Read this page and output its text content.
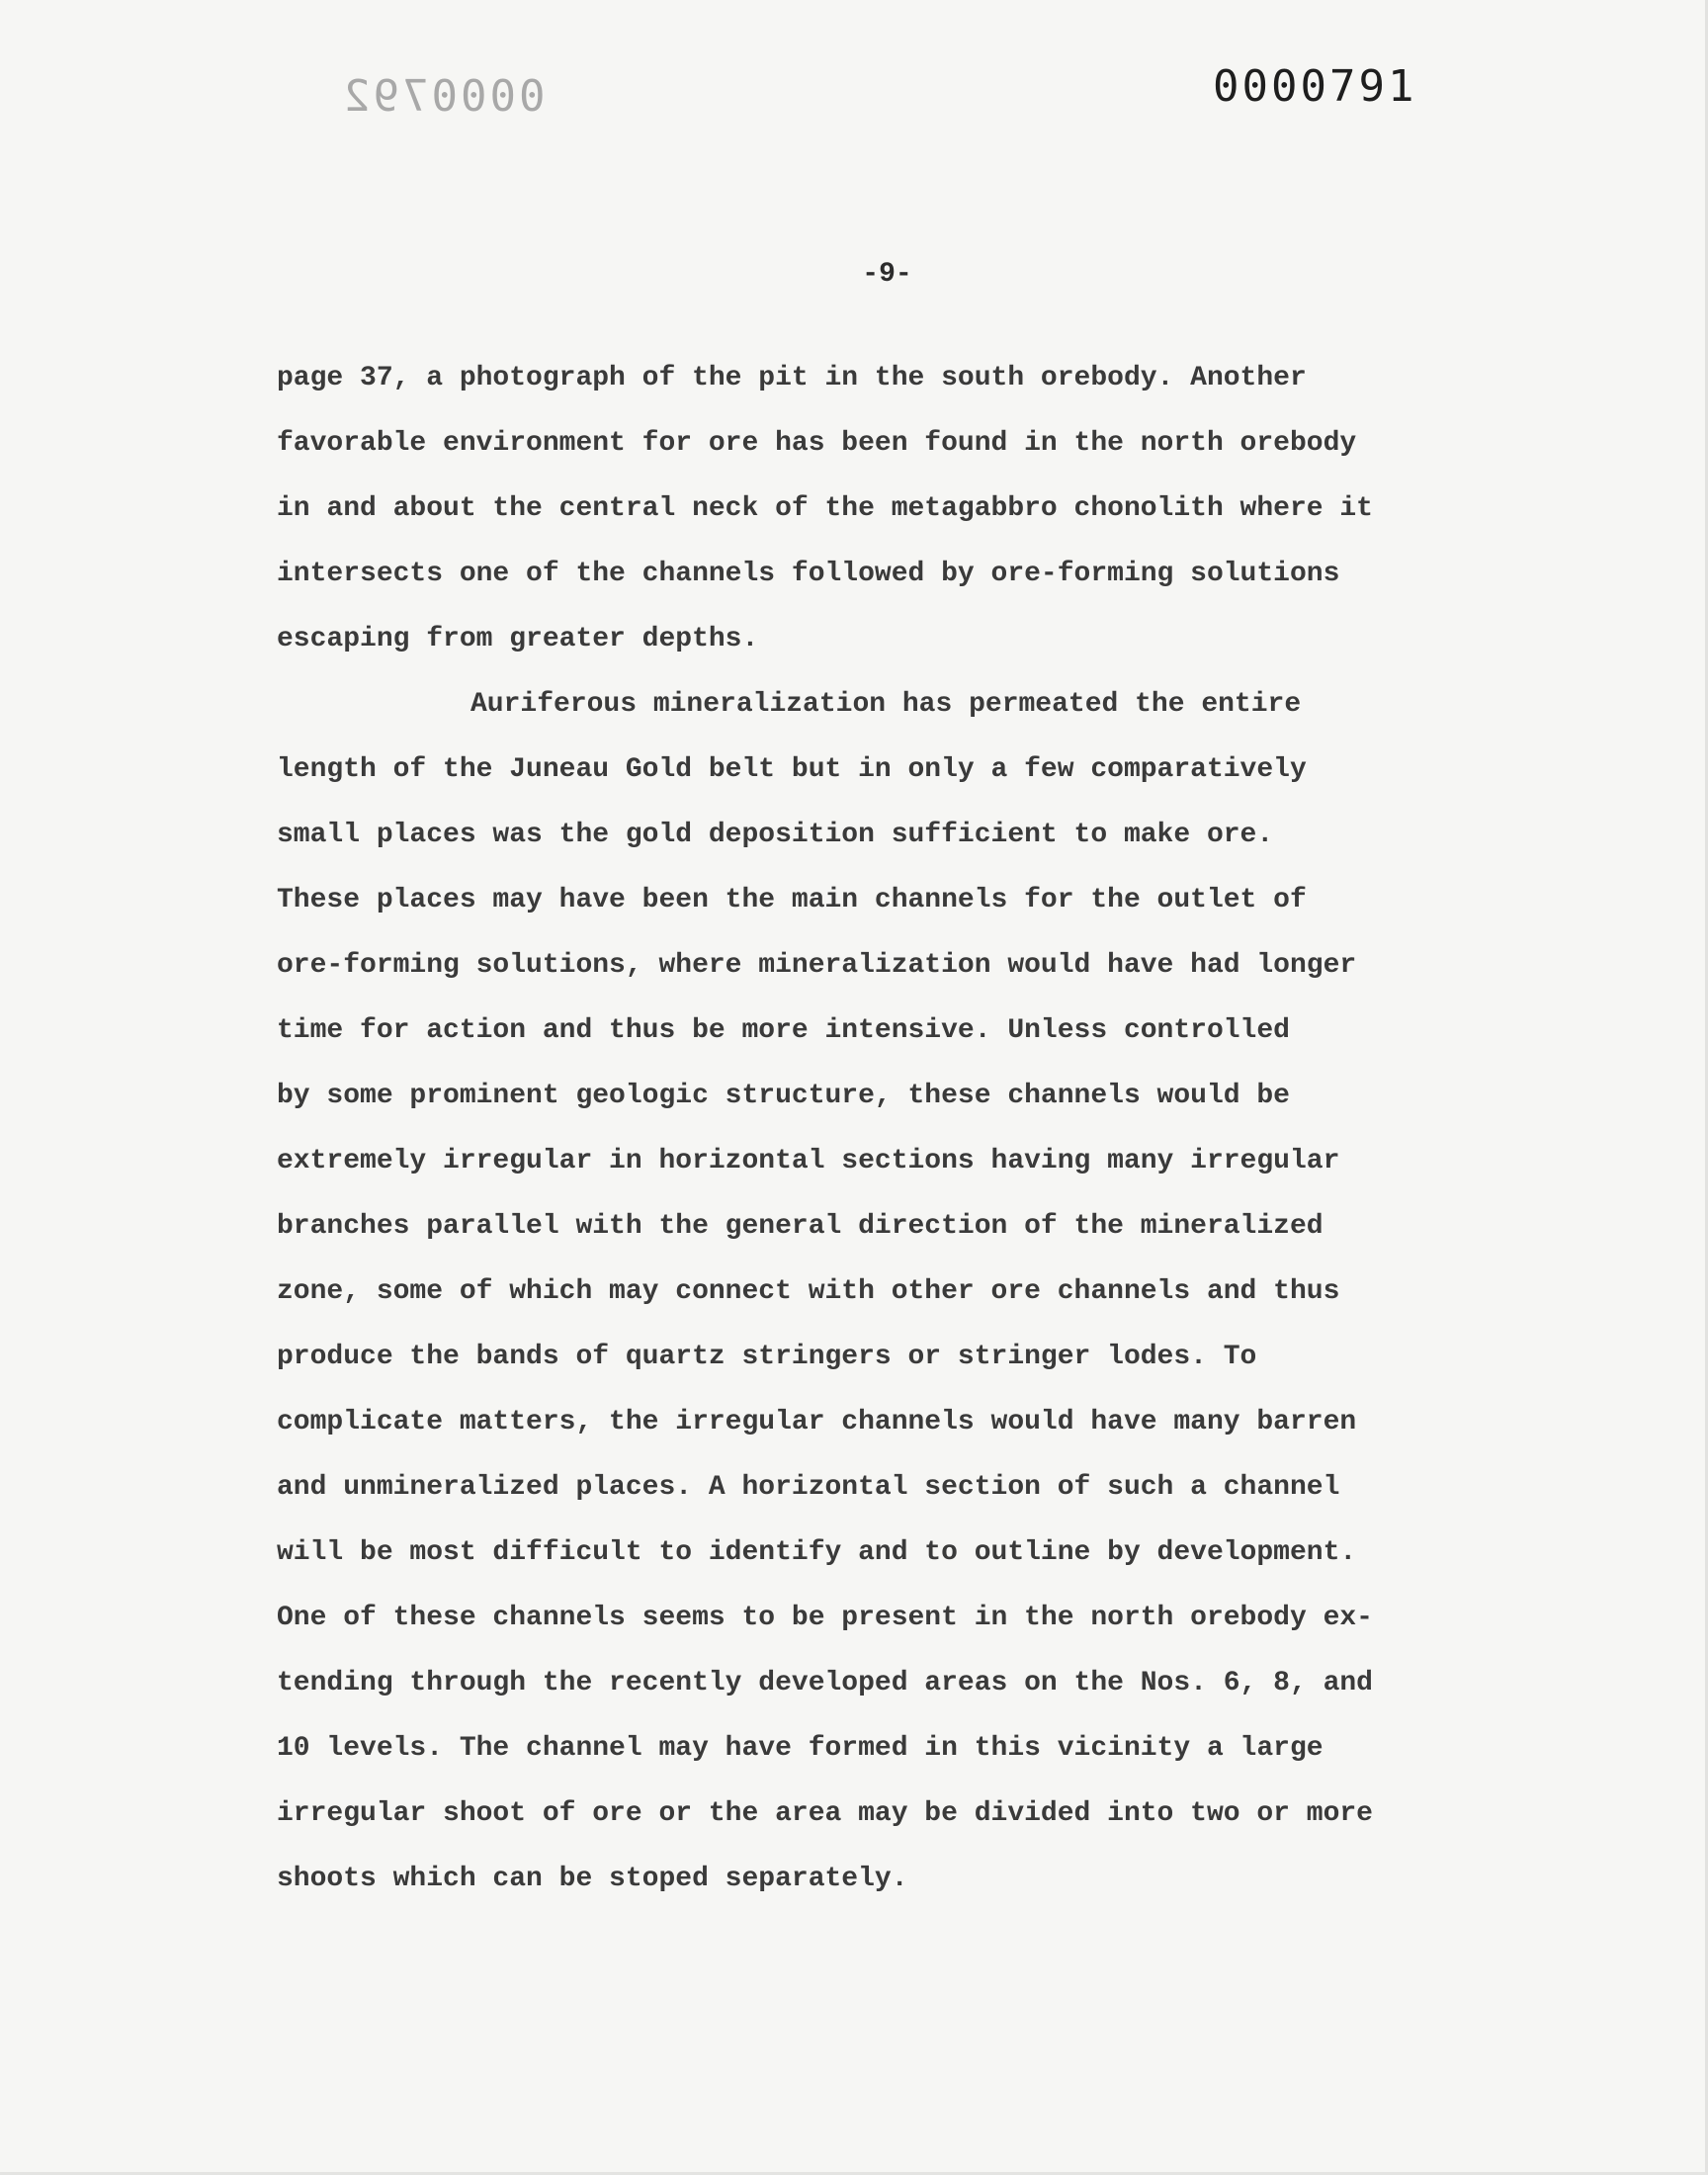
0000792	0000791
-9-
page 37, a photograph of the pit in the south orebody. Another
favorable environment for ore has been found in the north orebody
in and about the central neck of the metagabbro chonolith where it
intersects one of the channels followed by ore-forming solutions
escaping from greater depths.
Auriferous mineralization has permeated the entire
length of the Juneau Gold belt but in only a few comparatively
small places was the gold deposition sufficient to make ore.
These places may have been the main channels for the outlet of
ore-forming solutions, where mineralization would have had longer
time for action and thus be more intensive. Unless controlled
by some prominent geologic structure, these channels would be
extremely irregular in horizontal sections having many irregular
branches parallel with the general direction of the mineralized
zone, some of which may connect with other ore channels and thus
produce the bands of quartz stringers or stringer lodes. To
complicate matters, the irregular channels would have many barren
and unmineralized places. A horizontal section of such a channel
will be most difficult to identify and to outline by development.
One of these channels seems to be present in the north orebody ex-
tending through the recently developed areas on the Nos. 6, 8, and
10 levels. The channel may have formed in this vicinity a large
irregular shoot of ore or the area may be divided into two or more
shoots which can be stoped separately.
